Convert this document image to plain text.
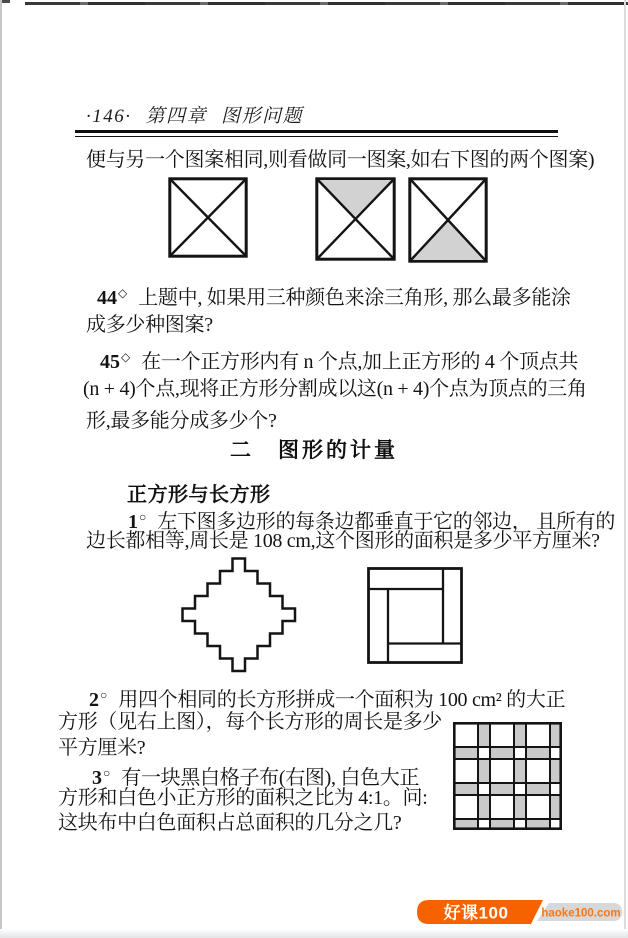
·146· 第四章 图形问题
便与另一个图案相同,则看做同一图案,如右下图的两个图案)
44◇ 上题中, 如果用三种颜色来涂三角形, 那么最多能涂
成多少种图案?
45◇ 在一个正方形内有 n 个点,加上正方形的 4 个顶点共
(n + 4)个点,现将正方形分割成以这(n + 4)个点为顶点的三角
形,最多能分成多少个?
二　图形的计量
正方形与长方形
1○ 左下图多边形的每条边都垂直于它的邻边， 且所有的
边长都相等,周长是 108 cm,这个图形的面积是多少平方厘米?
2○ 用四个相同的长方形拼成一个面积为 100 cm² 的大正
方形（见右上图），每个长方形的周长是多少
平方厘米?
3○ 有一块黑白格子布(右图), 白色大正
方形和白色小正方形的面积之比为 4:1。问:
这块布中白色面积占总面积的几分之几?
好课100	haoke100.com
